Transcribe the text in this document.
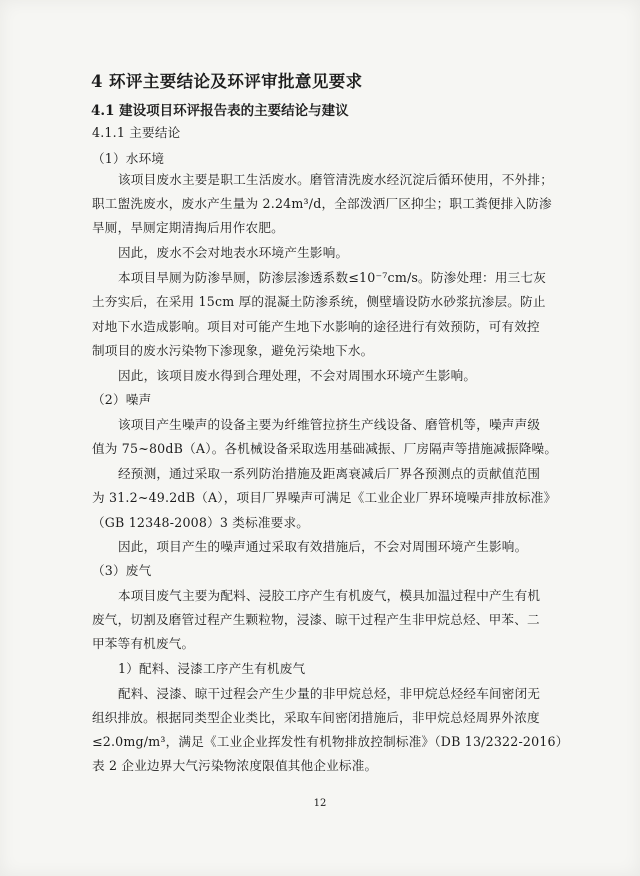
4 环评主要结论及环评审批意见要求
4.1 建设项目环评报告表的主要结论与建议
4.1.1 主要结论
（1）水环境
该项目废水主要是职工生活废水。磨管清洗废水经沉淀后循环使用，不外排；
职工盥洗废水，废水产生量为 2.24m³/d，全部泼洒厂区抑尘；职工粪便排入防渗
旱厕，旱厕定期清掏后用作农肥。
因此，废水不会对地表水环境产生影响。
本项目旱厕为防渗旱厕，防渗层渗透系数≤10⁻⁷cm/s。防渗处理：用三七灰
土夯实后，在采用 15cm 厚的混凝土防渗系统，侧壁墙设防水砂浆抗渗层。防止
对地下水造成影响。项目对可能产生地下水影响的途径进行有效预防，可有效控
制项目的废水污染物下渗现象，避免污染地下水。
因此，该项目废水得到合理处理，不会对周围水环境产生影响。
（2）噪声
该项目产生噪声的设备主要为纤维管拉挤生产线设备、磨管机等，噪声声级
值为 75~80dB（A）。各机械设备采取选用基础减振、厂房隔声等措施减振降噪。
经预测，通过采取一系列防治措施及距离衰减后厂界各预测点的贡献值范围
为 31.2~49.2dB（A），项目厂界噪声可满足《工业企业厂界环境噪声排放标准》
（GB 12348-2008）3 类标准要求。
因此，项目产生的噪声通过采取有效措施后，不会对周围环境产生影响。
（3）废气
本项目废气主要为配料、浸胶工序产生有机废气，模具加温过程中产生有机
废气，切割及磨管过程产生颗粒物，浸漆、晾干过程产生非甲烷总烃、甲苯、二
甲苯等有机废气。
1）配料、浸漆工序产生有机废气
配料、浸漆、晾干过程会产生少量的非甲烷总烃，非甲烷总烃经车间密闭无
组织排放。根据同类型企业类比，采取车间密闭措施后，非甲烷总烃周界外浓度
≤2.0mg/m³，满足《工业企业挥发性有机物排放控制标准》（DB 13/2322-2016）
表 2 企业边界大气污染物浓度限值其他企业标准。
12
